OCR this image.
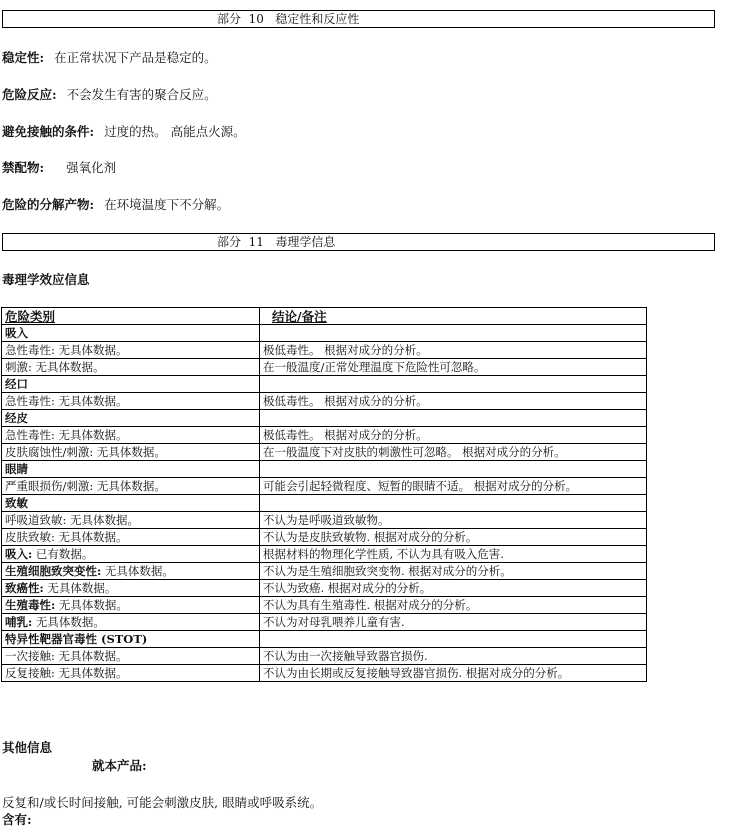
部分  10   稳定性和反应性
稳定性: 在正常状况下产品是稳定的。
危险反应: 不会发生有害的聚合反应。
避免接触的条件: 过度的热。 高能点火源。
禁配物: 强氧化剂
危险的分解产物: 在环境温度下不分解。
部分  11   毒理学信息
毒理学效应信息
危险类别	结论/备注
吸入	
急性毒性: 无具体数据。	极低毒性。 根据对成分的分析。
刺激: 无具体数据。	在一般温度/正常处理温度下危险性可忽略。
经口	
急性毒性: 无具体数据。	极低毒性。 根据对成分的分析。
经皮	
急性毒性: 无具体数据。	极低毒性。 根据对成分的分析。
皮肤腐蚀性/刺激: 无具体数据。	在一般温度下对皮肤的刺激性可忽略。 根据对成分的分析。
眼睛	
严重眼损伤/刺激: 无具体数据。	可能会引起轻微程度、短暂的眼睛不适。 根据对成分的分析。
致敏	
呼吸道致敏: 无具体数据。	不认为是呼吸道致敏物。
皮肤致敏: 无具体数据。	不认为是皮肤致敏物. 根据对成分的分析。
吸入: 已有数据。	根据材料的物理化学性质, 不认为具有吸入危害.
生殖细胞致突变性: 无具体数据。	不认为是生殖细胞致突变物. 根据对成分的分析。
致癌性: 无具体数据。	不认为致癌. 根据对成分的分析。
生殖毒性: 无具体数据。	不认为具有生殖毒性. 根据对成分的分析。
哺乳: 无具体数据。	不认为对母乳喂养儿童有害.
特异性靶器官毒性 (STOT)	
一次接触: 无具体数据。	不认为由一次接触导致器官损伤.
反复接触: 无具体数据。	不认为由长期或反复接触导致器官损伤. 根据对成分的分析。
其他信息
就本产品:
反复和/或长时间接触, 可能会刺激皮肤, 眼睛或呼吸系统。
含有:
